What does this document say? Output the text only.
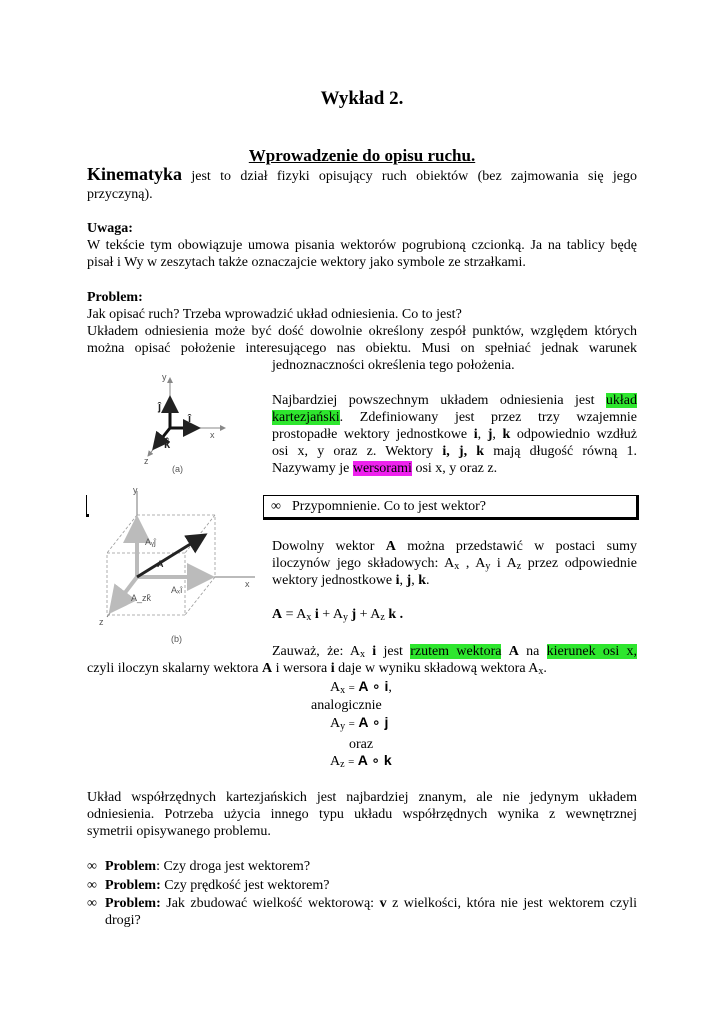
Wykład 2.
Wprowadzenie do opisu ruchu.
Kinematyka jest to dział fizyki opisujący ruch obiektów (bez zajmowania się jego
przyczyną).
Uwaga:
W tekście tym obowiązuje umowa pisania wektorów pogrubioną czcionką. Ja na tablicy będę
pisał i Wy w zeszytach także oznaczajcie wektory jako symbole ze strzałkami.
Problem:
Jak opisać ruch? Trzeba wprowadzić układ odniesienia. Co to jest?
Układem odniesienia może być dość dowolnie określony zespół punktów, względem których
można opisać położenie interesującego nas obiektu. Musi on spełniać jednak warunek
jednoznaczności określenia tego położenia.
y
x
z
ĵ
î
k̂
(a)
Najbardziej powszechnym układem odniesienia jest układ
kartezjański. Zdefiniowany jest przez trzy wzajemnie
prostopadłe wektory jednostkowe i, j, k odpowiednio wzdłuż
osi x, y oraz z. Wektory i, j, k mają długość równą 1.
Nazywamy je wersorami osi x, y oraz z.
y
x
z
Aᵧĵ
A
Aₓî
A_zk̂
(b)
∞ Przypomnienie. Co to jest wektor?
Dowolny wektor A można przedstawić w postaci sumy
iloczynów jego składowych: $A_x$ , $A_y$ i $A_z$ przez odpowiednie
wektory jednostkowe i, j, k.
$A = A_x$ $i + A_y$ $j + A_z$ k .
Zauważ, że: $A_x$ i jest rzutem wektora A na kierunek osi x,
czyli iloczyn skalarny wektora A i wersora i daje w wyniku składową wektora $A_x$.
$A_x = A$ ∘ i,
analogicznie
$A_y = A$ ∘ j
oraz
$A_z = A$ ∘ k
Układ współrzędnych kartezjańskich jest najbardziej znanym, ale nie jedynym układem
odniesienia. Potrzeba użycia innego typu układu współrzędnych wynika z wewnętrznej
symetrii opisywanego problemu.
∞ Problem: Czy droga jest wektorem?
∞ Problem: Czy prędkość jest wektorem?
∞ Problem: Jak zbudować wielkość wektorową: v z wielkości, która nie jest wektorem czyli
drogi?
